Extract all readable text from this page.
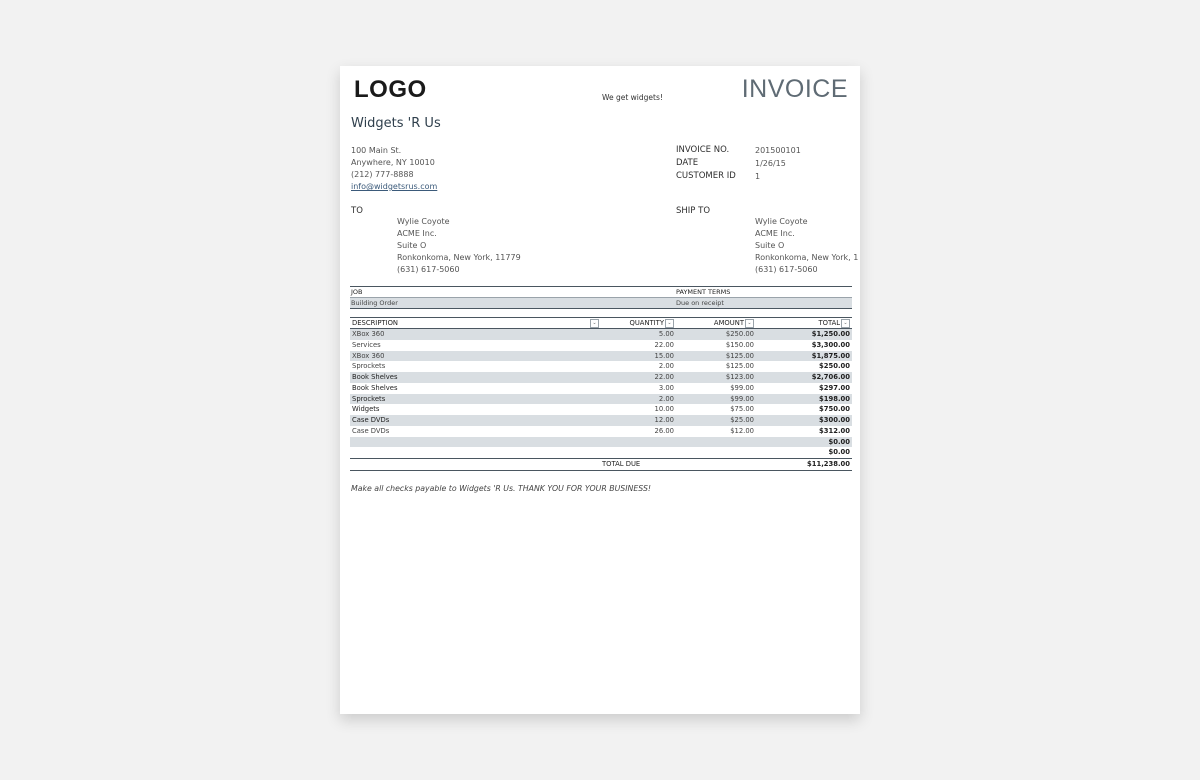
LOGO	We get widgets!	INVOICE
Widgets 'R Us
100 Main St.
Anywhere, NY 10010
(212) 777-8888
info@widgetsrus.com
INVOICE NO.	201500101
DATE	1/26/15
CUSTOMER ID 1
TO
Wylie Coyote
ACME Inc.
Suite O
Ronkonkoma, New York, 11779
(631) 617-5060
SHIP TO
Wylie Coyote
ACME Inc.
Suite O
Ronkonkoma, New York, 1
(631) 617-5060
JOB	PAYMENT TERMS
Building Order	Due on receipt
DESCRIPTION ⌄	QUANTITY ⌄	AMOUNT ⌄	TOTAL ⌄
XBox 360	5.00	$250.00	$1,250.00
Services	22.00	$150.00	$3,300.00
XBox 360	15.00	$125.00	$1,875.00
Sprockets	2.00	$125.00	$250.00
Book Shelves	22.00	$123.00	$2,706.00
Book Shelves	3.00	$99.00	$297.00
Sprockets	2.00	$99.00	$198.00
Widgets	10.00	$75.00	$750.00
Case DVDs	12.00	$25.00	$300.00
Case DVDs	26.00	$12.00	$312.00
			$0.00
			$0.00
	TOTAL DUE		$11,238.00
Make all checks payable to Widgets 'R Us. THANK YOU FOR YOUR BUSINESS!
